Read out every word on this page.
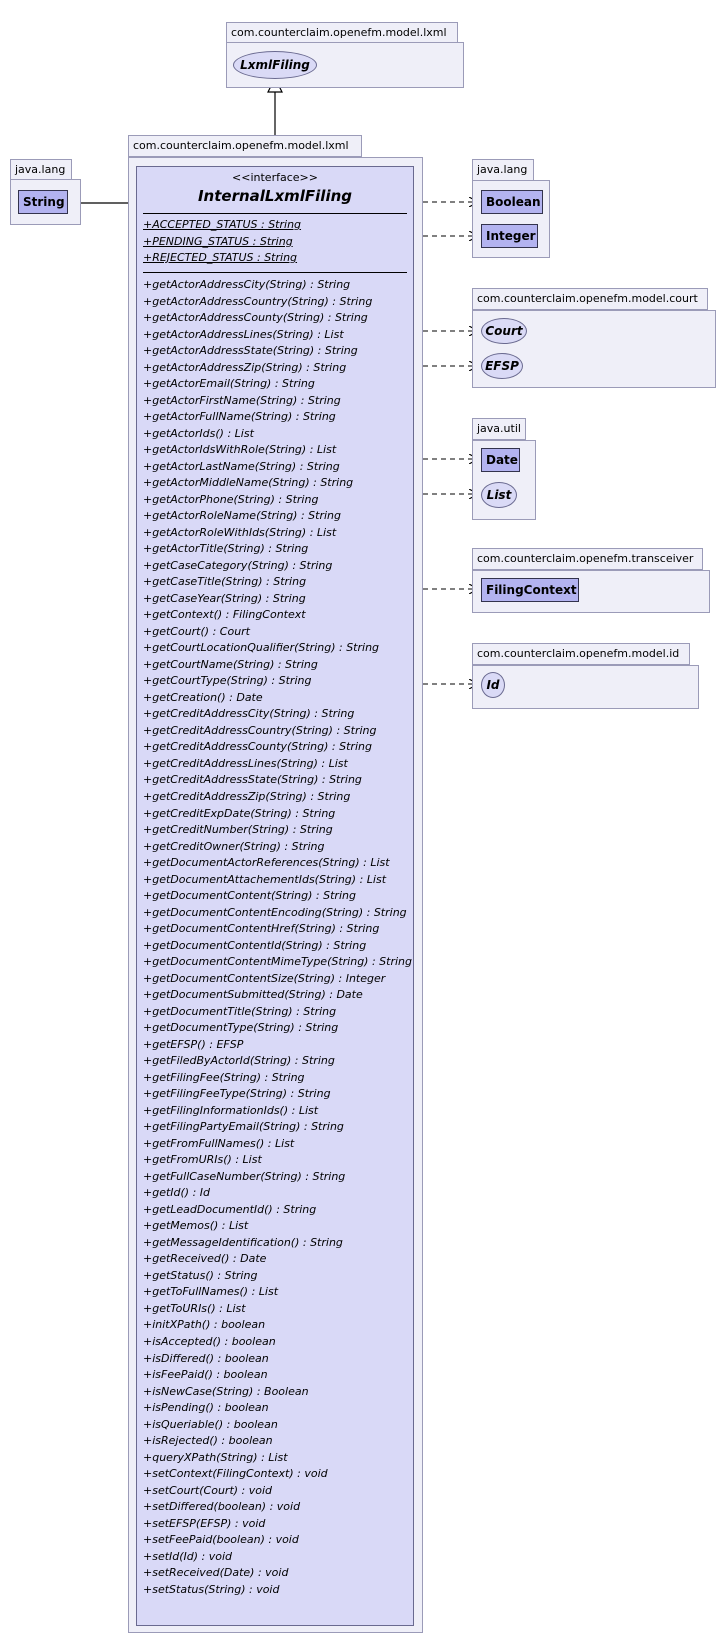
com.counterclaim.openefm.model.lxml
LxmlFiling
java.lang
String
com.counterclaim.openefm.model.lxml
<<interface>>
InternalLxmlFiling
+ACCEPTED_STATUS : String
+PENDING_STATUS : String
+REJECTED_STATUS : String
+getActorAddressCity(String) : String
+getActorAddressCountry(String) : String
+getActorAddressCounty(String) : String
+getActorAddressLines(String) : List
+getActorAddressState(String) : String
+getActorAddressZip(String) : String
+getActorEmail(String) : String
+getActorFirstName(String) : String
+getActorFullName(String) : String
+getActorIds() : List
+getActorIdsWithRole(String) : List
+getActorLastName(String) : String
+getActorMiddleName(String) : String
+getActorPhone(String) : String
+getActorRoleName(String) : String
+getActorRoleWithIds(String) : List
+getActorTitle(String) : String
+getCaseCategory(String) : String
+getCaseTitle(String) : String
+getCaseYear(String) : String
+getContext() : FilingContext
+getCourt() : Court
+getCourtLocationQualifier(String) : String
+getCourtName(String) : String
+getCourtType(String) : String
+getCreation() : Date
+getCreditAddressCity(String) : String
+getCreditAddressCountry(String) : String
+getCreditAddressCounty(String) : String
+getCreditAddressLines(String) : List
+getCreditAddressState(String) : String
+getCreditAddressZip(String) : String
+getCreditExpDate(String) : String
+getCreditNumber(String) : String
+getCreditOwner(String) : String
+getDocumentActorReferences(String) : List
+getDocumentAttachementIds(String) : List
+getDocumentContent(String) : String
+getDocumentContentEncoding(String) : String
+getDocumentContentHref(String) : String
+getDocumentContentId(String) : String
+getDocumentContentMimeType(String) : String
+getDocumentContentSize(String) : Integer
+getDocumentSubmitted(String) : Date
+getDocumentTitle(String) : String
+getDocumentType(String) : String
+getEFSP() : EFSP
+getFiledByActorId(String) : String
+getFilingFee(String) : String
+getFilingFeeType(String) : String
+getFilingInformationIds() : List
+getFilingPartyEmail(String) : String
+getFromFullNames() : List
+getFromURIs() : List
+getFullCaseNumber(String) : String
+getId() : Id
+getLeadDocumentId() : String
+getMemos() : List
+getMessageIdentification() : String
+getReceived() : Date
+getStatus() : String
+getToFullNames() : List
+getToURIs() : List
+initXPath() : boolean
+isAccepted() : boolean
+isDiffered() : boolean
+isFeePaid() : boolean
+isNewCase(String) : Boolean
+isPending() : boolean
+isQueriable() : boolean
+isRejected() : boolean
+queryXPath(String) : List
+setContext(FilingContext) : void
+setCourt(Court) : void
+setDiffered(boolean) : void
+setEFSP(EFSP) : void
+setFeePaid(boolean) : void
+setId(Id) : void
+setReceived(Date) : void
+setStatus(String) : void
java.lang
Boolean
Integer
com.counterclaim.openefm.model.court
Court
EFSP
java.util
Date
List
com.counterclaim.openefm.transceiver
FilingContext
com.counterclaim.openefm.model.id
Id
